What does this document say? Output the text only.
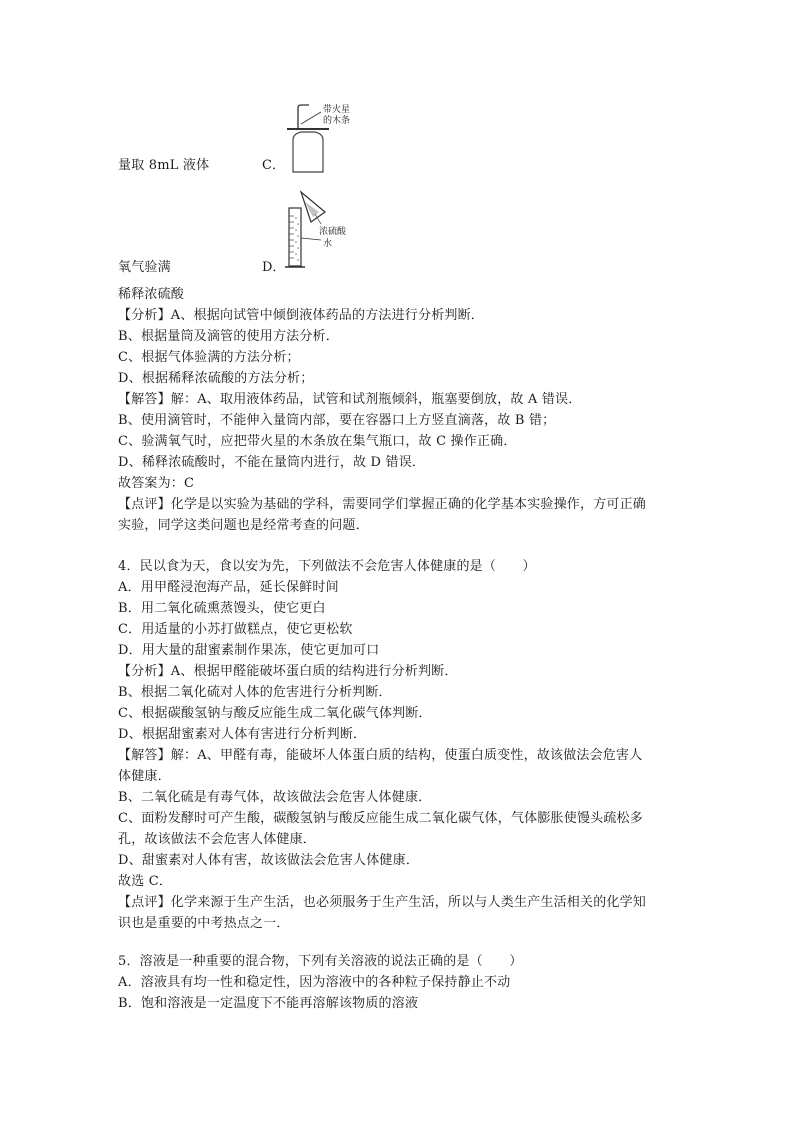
带火星
的木条
量取 8mL 液体	C．
浓硫酸
水
氧气验满	D．
稀释浓硫酸
【分析】A、根据向试管中倾倒液体药品的方法进行分析判断．
B、根据量筒及滴管的使用方法分析．
C、根据气体验满的方法分析；
D、根据稀释浓硫酸的方法分析；
【解答】解：A、取用液体药品，试管和试剂瓶倾斜，瓶塞要倒放，故 A 错误．
B、使用滴管时，不能伸入量筒内部，要在容器口上方竖直滴落，故 B 错；
C、验满氧气时，应把带火星的木条放在集气瓶口，故 C 操作正确．
D、稀释浓硫酸时，不能在量筒内进行，故 D 错误．
故答案为：C
【点评】化学是以实验为基础的学科，需要同学们掌握正确的化学基本实验操作，方可正确
实验，同学这类问题也是经常考查的问题．
4．民以食为天，食以安为先，下列做法不会危害人体健康的是（　　）
A．用甲醛浸泡海产品，延长保鲜时间
B．用二氧化硫熏蒸馒头，使它更白
C．用适量的小苏打做糕点，使它更松软
D．用大量的甜蜜素制作果冻，使它更加可口
【分析】A、根据甲醛能破坏蛋白质的结构进行分析判断．
B、根据二氧化硫对人体的危害进行分析判断．
C、根据碳酸氢钠与酸反应能生成二氧化碳气体判断．
D、根据甜蜜素对人体有害进行分析判断．
【解答】解：A、甲醛有毒，能破坏人体蛋白质的结构，使蛋白质变性，故该做法会危害人
体健康．
B、二氧化硫是有毒气体，故该做法会危害人体健康．
C、面粉发酵时可产生酸，碳酸氢钠与酸反应能生成二氧化碳气体，气体膨胀使馒头疏松多
孔，故该做法不会危害人体健康．
D、甜蜜素对人体有害，故该做法会危害人体健康．
故选 C．
【点评】化学来源于生产生活，也必须服务于生产生活，所以与人类生产生活相关的化学知
识也是重要的中考热点之一．
5．溶液是一种重要的混合物，下列有关溶液的说法正确的是（　　）
A．溶液具有均一性和稳定性，因为溶液中的各种粒子保持静止不动
B．饱和溶液是一定温度下不能再溶解该物质的溶液
